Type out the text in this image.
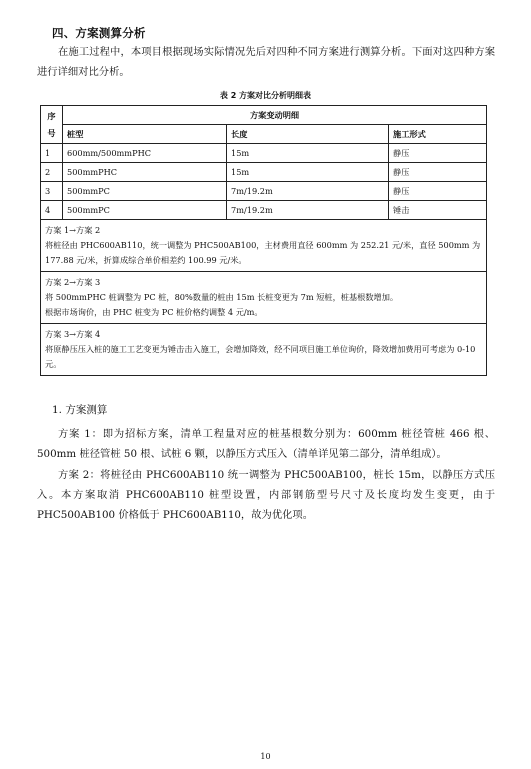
四、方案测算分析
在施工过程中，本项目根据现场实际情况先后对四种不同方案进行测算分析。下面对这四种方案进行详细对比分析。
表 2 方案对比分析明细表
序
号	方案变动明细		
	桩型	长度	施工形式
1	600mm/500mmPHC	15m	静压
2	500mmPHC	15m	静压
3	500mmPC	7m/19.2m	静压
4	500mmPC	7m/19.2m	锤击

方案 1→方案 2
将桩径由 PHC600AB110，统一调整为 PHC500AB100，主材费用直径 600mm 为 252.21 元/米，直径 500mm 为 177.88 元/米，折算成综合单价相差约 100.99 元/米。			

方案 2→方案 3
将 500mmPHC 桩调整为 PC 桩，80%数量的桩由 15m 长桩变更为 7m 短桩，桩基根数增加。
根据市场询价，由 PHC 桩变为 PC 桩价格约调整 4 元/m。			

方案 3→方案 4
将原静压压入桩的施工工艺变更为锤击击入施工，会增加降效，经不同项目施工单位询价，降效增加费用可考虑为 0-10 元。			
1. 方案测算
方案 1：即为招标方案，清单工程量对应的桩基根数分别为：600mm 桩径管桩 466 根、500mm 桩径管桩 50 根、试桩 6 颗，以静压方式压入（清单详见第二部分，清单组成）。
方案 2：将桩径由 PHC600AB110 统一调整为 PHC500AB100，桩长 15m，以静压方式压入。本方案取消 PHC600AB110 桩型设置，内部钢筋型号尺寸及长度均发生变更，由于 PHC500AB100 价格低于 PHC600AB110，故为优化项。
10
